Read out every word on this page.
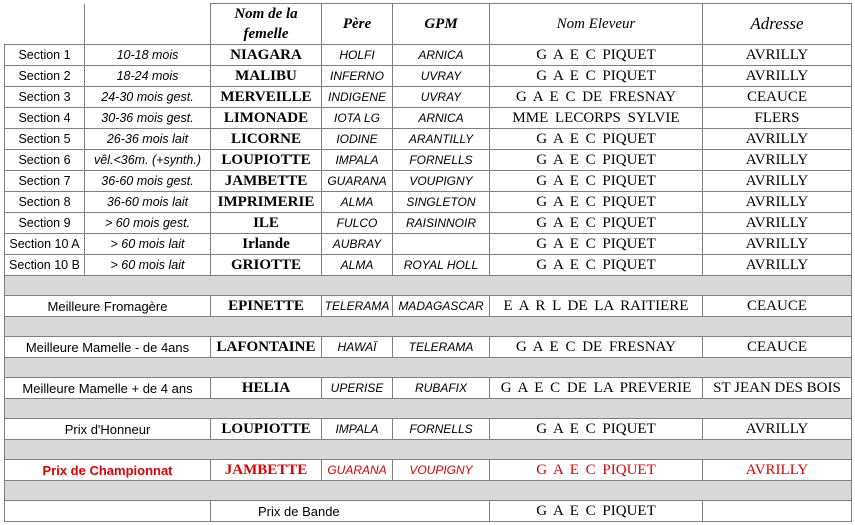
		Nom de la femelle	Père	GPM	Nom Eleveur	Adresse
Section 1	10-18 mois	NIAGARA	HOLFI	ARNICA	G A E C PIQUET	AVRILLY
Section 2	18-24 mois	MALIBU	INFERNO	UVRAY	G A E C PIQUET	AVRILLY
Section 3	24-30 mois gest.	MERVEILLE	INDIGENE	UVRAY	G A E C DE FRESNAY	CEAUCE
Section 4	30-36 mois gest.	LIMONADE	IOTA LG	ARNICA	MME LECORPS SYLVIE	FLERS
Section 5	26-36 mois lait	LICORNE	IODINE	ARANTILLY	G A E C PIQUET	AVRILLY
Section 6	vêl.<36m. (+synth.)	LOUPIOTTE	IMPALA	FORNELLS	G A E C PIQUET	AVRILLY
Section 7	36-60 mois gest.	JAMBETTE	GUARANA	VOUPIGNY	G A E C PIQUET	AVRILLY
Section 8	36-60 mois lait	IMPRIMERIE	ALMA	SINGLETON	G A E C PIQUET	AVRILLY
Section 9	> 60 mois gest.	ILE	FULCO	RAISINNOIR	G A E C PIQUET	AVRILLY
Section 10 A	> 60 mois lait	Irlande	AUBRAY		G A E C PIQUET	AVRILLY
Section 10 B	> 60 mois lait	GRIOTTE	ALMA	ROYAL HOLL	G A E C PIQUET	AVRILLY

Meilleure Fromagère		EPINETTE	TELERAMA	MADAGASCAR	E A R L DE LA RAITIERE	CEAUCE

Meilleure Mamelle - de 4ans		LAFONTAINE	HAWAÏ	TELERAMA	G A E C DE FRESNAY	CEAUCE

Meilleure Mamelle + de 4 ans		HELIA	UPERISE	RUBAFIX	G A E C DE LA PREVERIE	ST JEAN DES BOIS

Prix d'Honneur		LOUPIOTTE	IMPALA	FORNELLS	G A E C PIQUET	AVRILLY

Prix de Championnat		JAMBETTE	GUARANA	VOUPIGNY	G A E C PIQUET	AVRILLY

		Prix de Bande			G A E C PIQUET	
